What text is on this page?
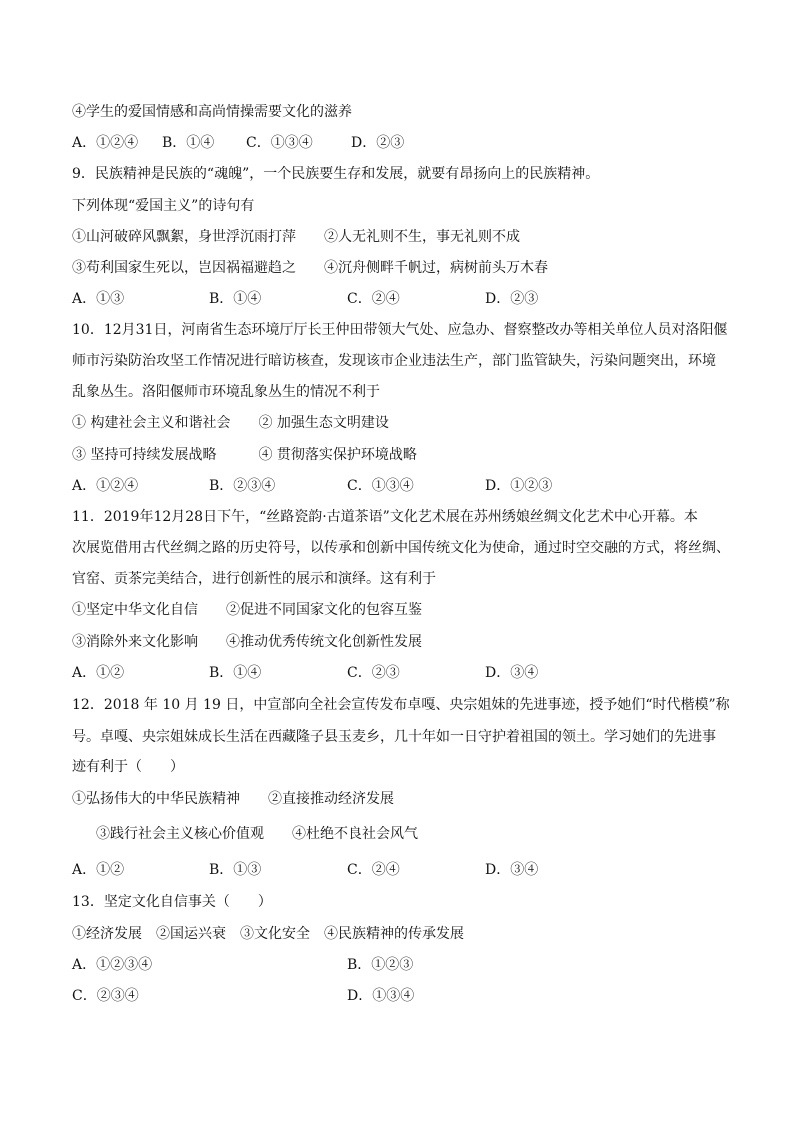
④学生的爱国情感和高尚情操需要文化的滋养
A．①②④ B．①④ C．①③④	D．②③
9．民族精神是民族的“魂魄”，一个民族要生存和发展，就要有昂扬向上的民族精神。
下列体现“爱国主义”的诗句有
①山河破碎风飘絮，身世浮沉雨打萍　　②人无礼则不生，事无礼则不成
③苟利国家生死以，岂因祸福避趋之　　④沉舟侧畔千帆过，病树前头万木春
A．①③	B．①④	C．②④	D．②③
10．12月31日，河南省生态环境厅厅长王仲田带领大气处、应急办、督察整改办等相关单位人员对洛阳偃
师市污染防治攻坚工作情况进行暗访核查，发现该市企业违法生产，部门监管缺失，污染问题突出，环境
乱象丛生。洛阳偃师市环境乱象丛生的情况不利于
① 构建社会主义和谐社会　　② 加强生态文明建设
③ 坚持可持续发展战略　　　④ 贯彻落实保护环境战略
A．①②④	B．②③④	C．①③④	D．①②③
11．2019年12月28日下午，“丝路瓷韵·古道茶语”文化艺术展在苏州绣娘丝绸文化艺术中心开幕。本
次展览借用古代丝绸之路的历史符号，以传承和创新中国传统文化为使命，通过时空交融的方式，将丝绸、
官窑、贡茶完美结合，进行创新性的展示和演绎。这有利于
①坚定中华文化自信　　②促进不同国家文化的包容互鉴
③消除外来文化影响　　④推动优秀传统文化创新性发展
A．①②	B．①④	C．②③	D．③④
12．2018 年 10 月 19 日，中宣部向全社会宣传发布卓嘎、央宗姐妹的先进事迹，授予她们“时代楷模”称
号。卓嘎、央宗姐妹成长生活在西藏隆子县玉麦乡，几十年如一日守护着祖国的领土。学习她们的先进事
迹有利于（　　）
①弘扬伟大的中华民族精神　　②直接推动经济发展
③践行社会主义核心价值观　　④杜绝不良社会风气
A．①②	B．①③	C．②④	D．③④
13．坚定文化自信事关（　　）
①经济发展　②国运兴衰　③文化安全　④民族精神的传承发展
A．①②③④	B．①②③
C．②③④	D．①③④
